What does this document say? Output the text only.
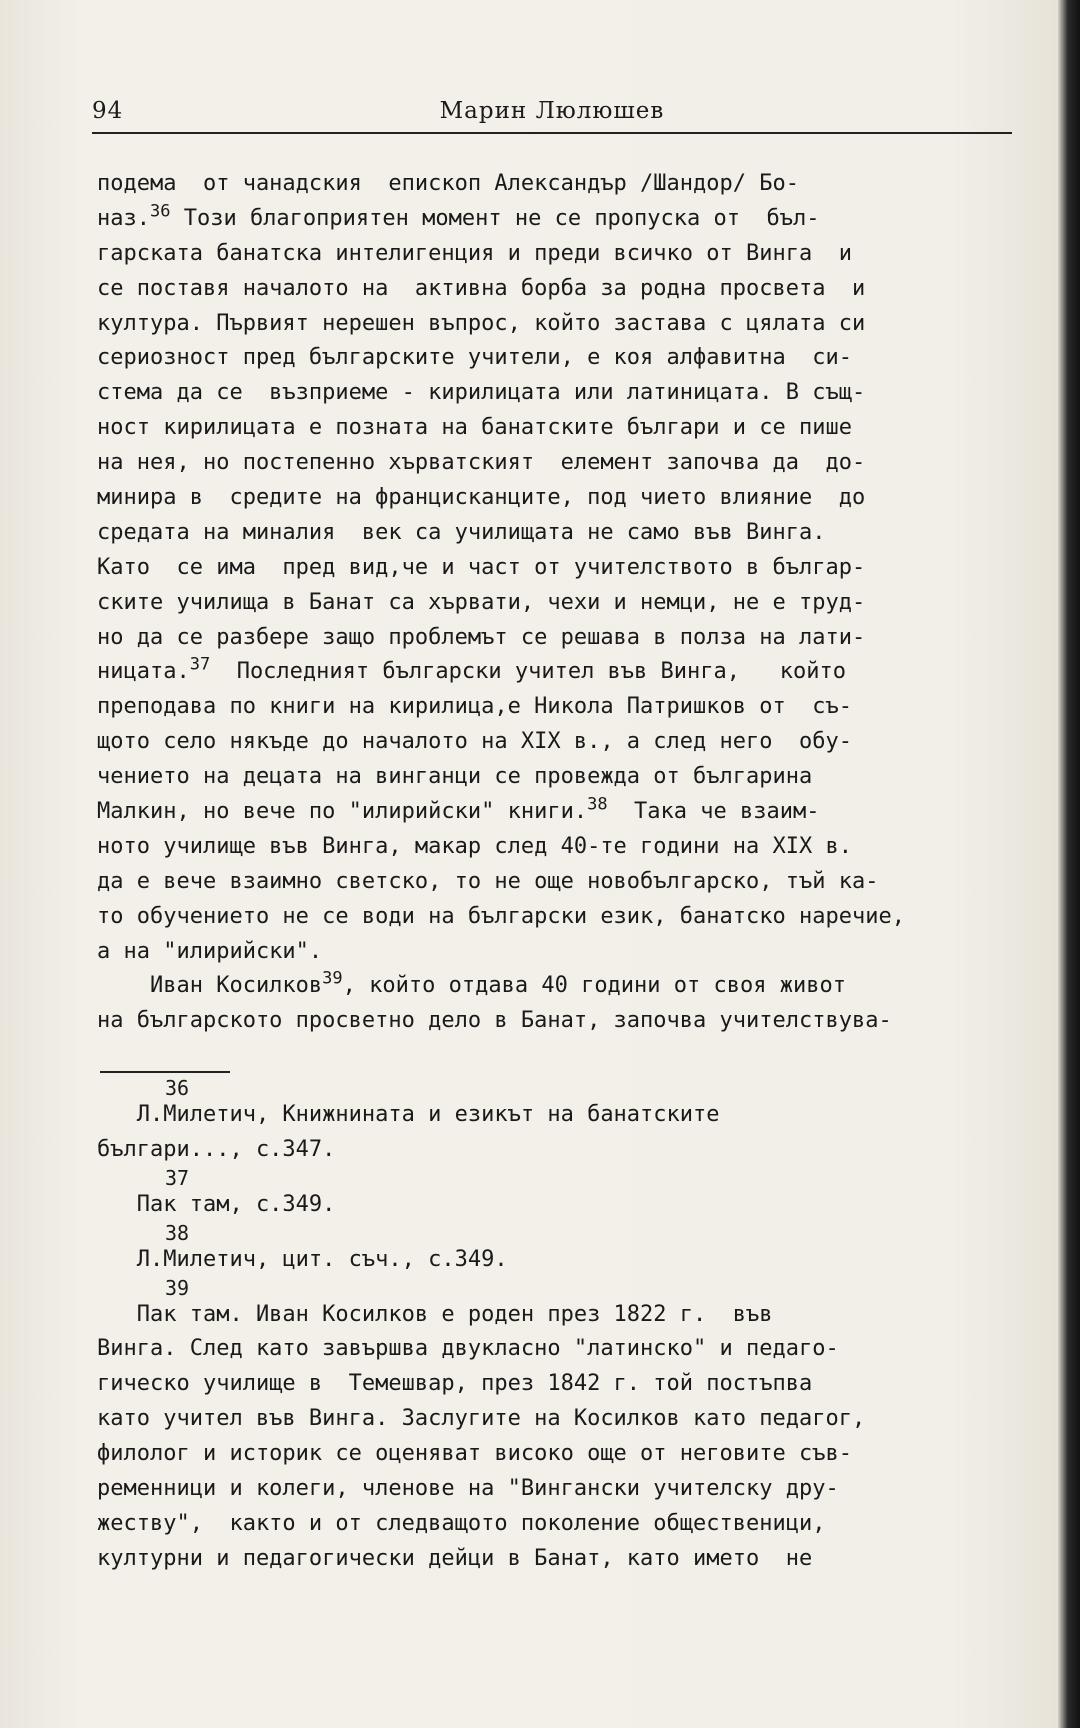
94	Марин Люлюшев
подема  от чанадския  епископ Александър /Шандор/ Бо-
наз.$^{36}$ Този благоприятен момент не се пропуска от  бъл-
гарската банатска интелигенция и преди всичко от Винга  и
се поставя началото на  активна борба за родна просвета  и
култура. Първият нерешен въпрос, който застава с цялата си
сериозност пред българските учители, е коя алфавитна  си-
стема да се  възприеме - кирилицата или латиницата. В същ-
ност кирилицата е позната на банатските българи и се пише
на нея, но постепенно хърватският  елемент започва да  до-
минира в  средите на францисканците, под чието влияние  до
средата на миналия  век са училищата не само във Винга.
Като  се има  пред вид,че и част от учителството в българ-
ските училища в Банат са хървати, чехи и немци, не е труд-
но да се разбере защо проблемът се решава в полза на лати-
ницата.$^{37}$  Последният български учител във Винга,   който
преподава по книги на кирилица,е Никола Патришков от  съ-
щото село някъде до началото на XIX в., а след него  обу-
чението на децата на винганци се провежда от българина
Малкин, но вече по "илирийски" книги.$^{38}$  Така че взаим-
ното училище във Винга, макар след 40-те години на XIX в.
да е вече взаимно светско, то не още новобългарско, тъй ка-
то обучението не се води на български език, банатско наречие,
а на "илирийски".
Иван Косилков$^{39}$, който отдава 40 години от своя живот
на българското просветно дело в Банат, започва учителствува-
36
Л.Милетич, Книжнината и езикът на банатските
българи..., с.347.
37
Пак там, с.349.
38
Л.Милетич, цит. съч., с.349.
39
Пак там. Иван Косилков е роден през 1822 г.  във
Винга. След като завършва двукласно "латинско" и педаго-
гическо училище в  Темешвар, през 1842 г. той постъпва
като учител във Винга. Заслугите на Косилков като педагог,
филолог и историк се оценяват високо още от неговите съв-
ременници и колеги, членове на "Вингански учителску дру-
жеству",  както и от следващото поколение общественици,
културни и педагогически дейци в Банат, като името  не
